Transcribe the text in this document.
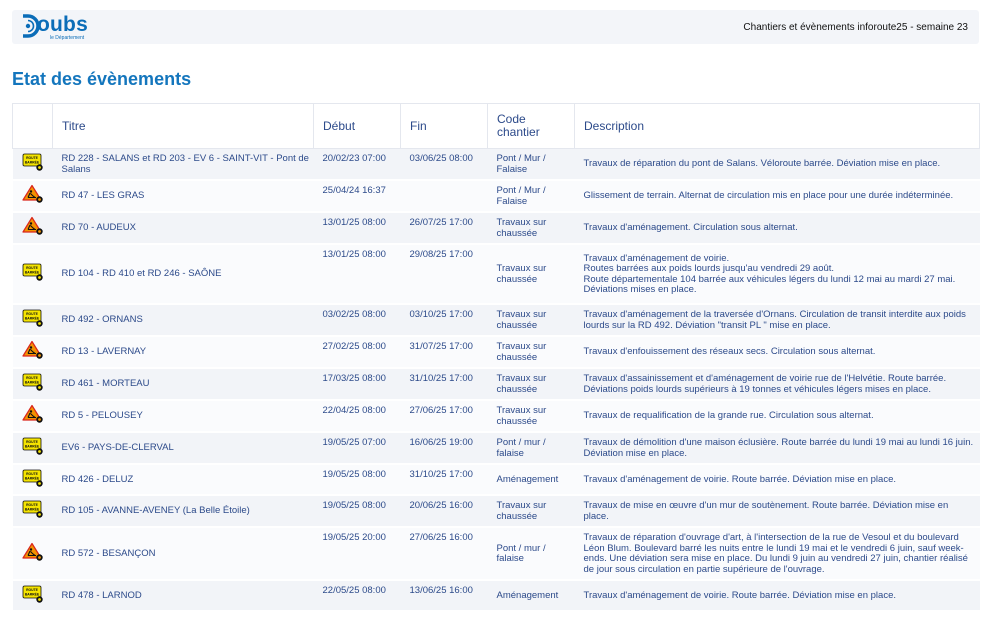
oubs
le Département
Chantiers et évènements inforoute25 - semaine 23
Etat des évènements
	Titre	Début	Fin	Code chantier	Description

ROUTE
BARRÉE	RD 228 - SALANS et RD 203 - EV 6 - SAINT-VIT - Pont de Salans	20/02/23 07:00	03/06/25 08:00	Pont / Mur / Falaise	Travaux de réparation du pont de Salans. Véloroute barrée. Déviation mise en place.

	RD 47 - LES GRAS	25/04/24 16:37		Pont / Mur / Falaise	Glissement de terrain. Alternat de circulation mis en place pour une durée indéterminée.

	RD 70 - AUDEUX	13/01/25 08:00	26/07/25 17:00	Travaux sur chaussée	Travaux d'aménagement. Circulation sous alternat.

ROUTE
BARRÉE	RD 104 - RD 410 et RD 246 - SAÔNE	13/01/25 08:00	29/08/25 17:00	Travaux sur chaussée	Travaux d'aménagement de voirie.
Routes barrées aux poids lourds jusqu'au vendredi 29 août.
Route départementale 104 barrée aux véhicules légers du lundi 12 mai au mardi 27 mai. Déviations mises en place.

ROUTE
BARRÉE	RD 492 - ORNANS	03/02/25 08:00	03/10/25 17:00	Travaux sur chaussée	Travaux d'aménagement de la traversée d'Ornans. Circulation de transit interdite aux poids lourds sur la RD 492. Déviation "transit PL " mise en place.

	RD 13 - LAVERNAY	27/02/25 08:00	31/07/25 17:00	Travaux sur chaussée	Travaux d'enfouissement des réseaux secs. Circulation sous alternat.

ROUTE
BARRÉE	RD 461 - MORTEAU	17/03/25 08:00	31/10/25 17:00	Travaux sur chaussée	Travaux d'assainissement et d'aménagement de voirie rue de l'Helvétie. Route barrée. Déviations poids lourds supérieurs à 19 tonnes et véhicules légers mises en place.

	RD 5 - PELOUSEY	22/04/25 08:00	27/06/25 17:00	Travaux sur chaussée	Travaux de requalification de la grande rue. Circulation sous alternat.

ROUTE
BARRÉE	EV6 - PAYS-DE-CLERVAL	19/05/25 07:00	16/06/25 19:00	Pont / mur / falaise	Travaux de démolition d'une maison éclusière. Route barrée du lundi 19 mai au lundi 16 juin. Déviation mise en place.

ROUTE
BARRÉE	RD 426 - DELUZ	19/05/25 08:00	31/10/25 17:00	Aménagement	Travaux d'aménagement de voirie. Route barrée. Déviation mise en place.

ROUTE
BARRÉE	RD 105 - AVANNE-AVENEY (La Belle Étoile)	19/05/25 08:00	20/06/25 16:00	Travaux sur chaussée	Travaux de mise en œuvre d'un mur de soutènement. Route barrée. Déviation mise en place.

	RD 572 - BESANÇON	19/05/25 20:00	27/06/25 16:00	Pont / mur / falaise	Travaux de réparation d'ouvrage d'art, à l'intersection de la rue de Vesoul et du boulevard Léon Blum. Boulevard barré les nuits entre le lundi 19 mai et le vendredi 6 juin, sauf week-ends. Une déviation sera mise en place. Du lundi 9 juin au vendredi 27 juin, chantier réalisé de jour sous circulation en partie supérieure de l'ouvrage.

ROUTE
BARRÉE	RD 478 - LARNOD	22/05/25 08:00	13/06/25 16:00	Aménagement	Travaux d'aménagement de voirie. Route barrée. Déviation mise en place.
